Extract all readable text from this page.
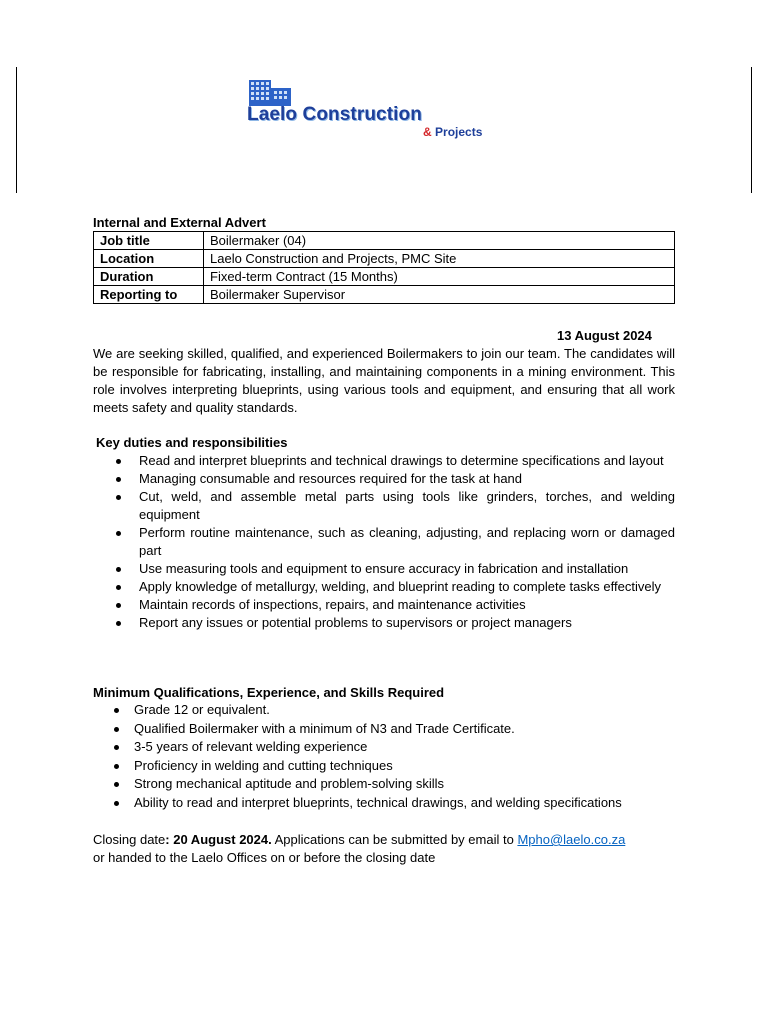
Laelo Construction
& Projects
Internal and External Advert
Job title	Boilermaker (04)
Location	Laelo Construction and Projects, PMC Site
Duration	Fixed-term Contract (15 Months)
Reporting to	Boilermaker Supervisor
13 August 2024
We are seeking skilled, qualified, and experienced Boilermakers to join our team. The candidates will be responsible for fabricating, installing, and maintaining components in a mining environment. This role involves interpreting blueprints, using various tools and equipment, and ensuring that all work meets safety and quality standards.
Key duties and responsibilities
Read and interpret blueprints and technical drawings to determine specifications and layout
Managing consumable and resources required for the task at hand
Cut, weld, and assemble metal parts using tools like grinders, torches, and welding equipment
Perform routine maintenance, such as cleaning, adjusting, and replacing worn or damaged part
Use measuring tools and equipment to ensure accuracy in fabrication and installation
Apply knowledge of metallurgy, welding, and blueprint reading to complete tasks effectively
Maintain records of inspections, repairs, and maintenance activities
Report any issues or potential problems to supervisors or project managers
Minimum Qualifications, Experience, and Skills Required
Grade 12 or equivalent.
Qualified Boilermaker with a minimum of N3 and Trade Certificate.
3-5 years of relevant welding experience
Proficiency in welding and cutting techniques
Strong mechanical aptitude and problem-solving skills
Ability to read and interpret blueprints, technical drawings, and welding specifications
Closing date: 20 August 2024. Applications can be submitted by email to Mpho@laelo.co.za
or handed to the Laelo Offices on or before the closing date
